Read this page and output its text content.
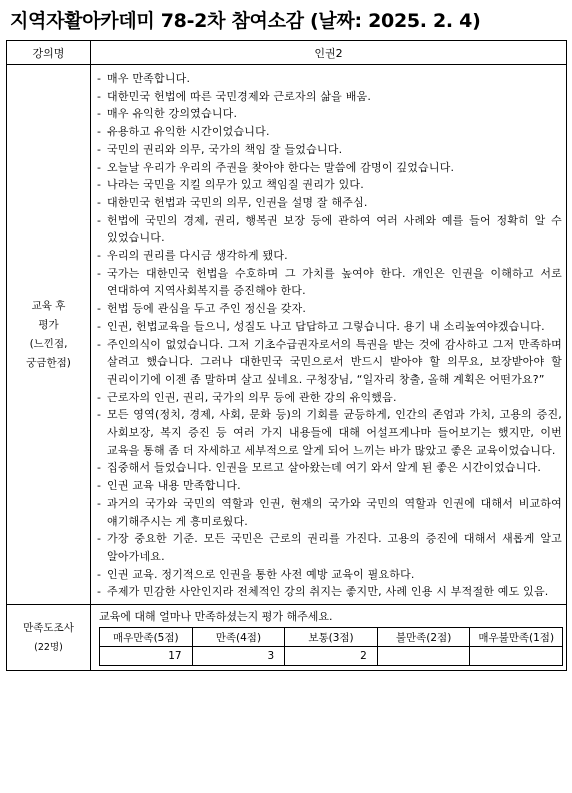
지역자활아카데미 78-2차 참여소감 (날짜: 2025. 2. 4)
강의명	인권2

교육 후
평가
(느낀점,
궁금한점)

- 매우 만족합니다.
- 대한민국 헌법에 따른 국민경제와 근로자의 삶을 배움.
- 매우 유익한 강의였습니다.
- 유용하고 유익한 시간이었습니다.
- 국민의 권리와 의무, 국가의 책임 잘 들었습니다.
- 오늘날 우리가 우리의 주권을 찾아야 한다는 말씀에 감명이 깊었습니다.
- 나라는 국민을 지킬 의무가 있고 책임질 권리가 있다.
- 대한민국 헌법과 국민의 의무, 인권을 설명 잘 해주심.
- 헌법에 국민의 경제, 권리, 행복권 보장 등에 관하여 여러 사례와 예를 들어 정확히 알 수 있었습니다.
- 우리의 권리를 다시금 생각하게 됐다.
- 국가는 대한민국 헌법을 수호하며 그 가치를 높여야 한다. 개인은 인권을 이해하고 서로 연대하여 지역사회복지를 증진해야 한다.
- 헌법 등에 관심을 두고 주인 정신을 갖자.
- 인권, 헌법교육을 들으니, 성질도 나고 답답하고 그렇습니다. 용기 내 소리높여야겠습니다.
- 주인의식이 없었습니다. 그저 기초수급권자로서의 특권을 받는 것에 감사하고 그저 만족하며 살려고 했습니다. 그러나 대한민국 국민으로서 반드시 받아야 할 의무요, 보장받아야 할 권리이기에 이젠 좀 말하며 살고 싶네요. 구청장님, “일자리 창출, 올해 계획은 어떤가요?”
- 근로자의 인권, 권리, 국가의 의무 등에 관한 강의 유익했음.
- 모든 영역(정치, 경제, 사회, 문화 등)의 기회를 균등하게, 인간의 존엄과 가치, 고용의 증진, 사회보장, 복지 증진 등 여러 가지 내용들에 대해 어설프게나마 들어보기는 했지만, 이번 교육을 통해 좀 더 자세하고 세부적으로 알게 되어 느끼는 바가 많았고 좋은 교육이었습니다.
- 집중해서 들었습니다. 인권을 모르고 살아왔는데 여기 와서 알게 된 좋은 시간이었습니다.
- 인권 교육 내용 만족합니다.
- 과거의 국가와 국민의 역할과 인권, 현재의 국가와 국민의 역할과 인권에 대해서 비교하여 얘기해주시는 게 흥미로웠다.
- 가장 중요한 기준. 모든 국민은 근로의 권리를 가진다. 고용의 증진에 대해서 새롭게 알고 알아가네요.
- 인권 교육. 정기적으로 인권을 통한 사전 예방 교육이 필요하다.
- 주제가 민감한 사안인지라 전체적인 강의 취지는 좋지만, 사례 인용 시 부적절한 예도 있음.

만족도조사
(22명)

교육에 대해 얼마나 만족하셨는지 평가 해주세요.
매우만족(5점)	만족(4점)	보통(3점)	불만족(2점)	매우불만족(1점)
17	3	2		
